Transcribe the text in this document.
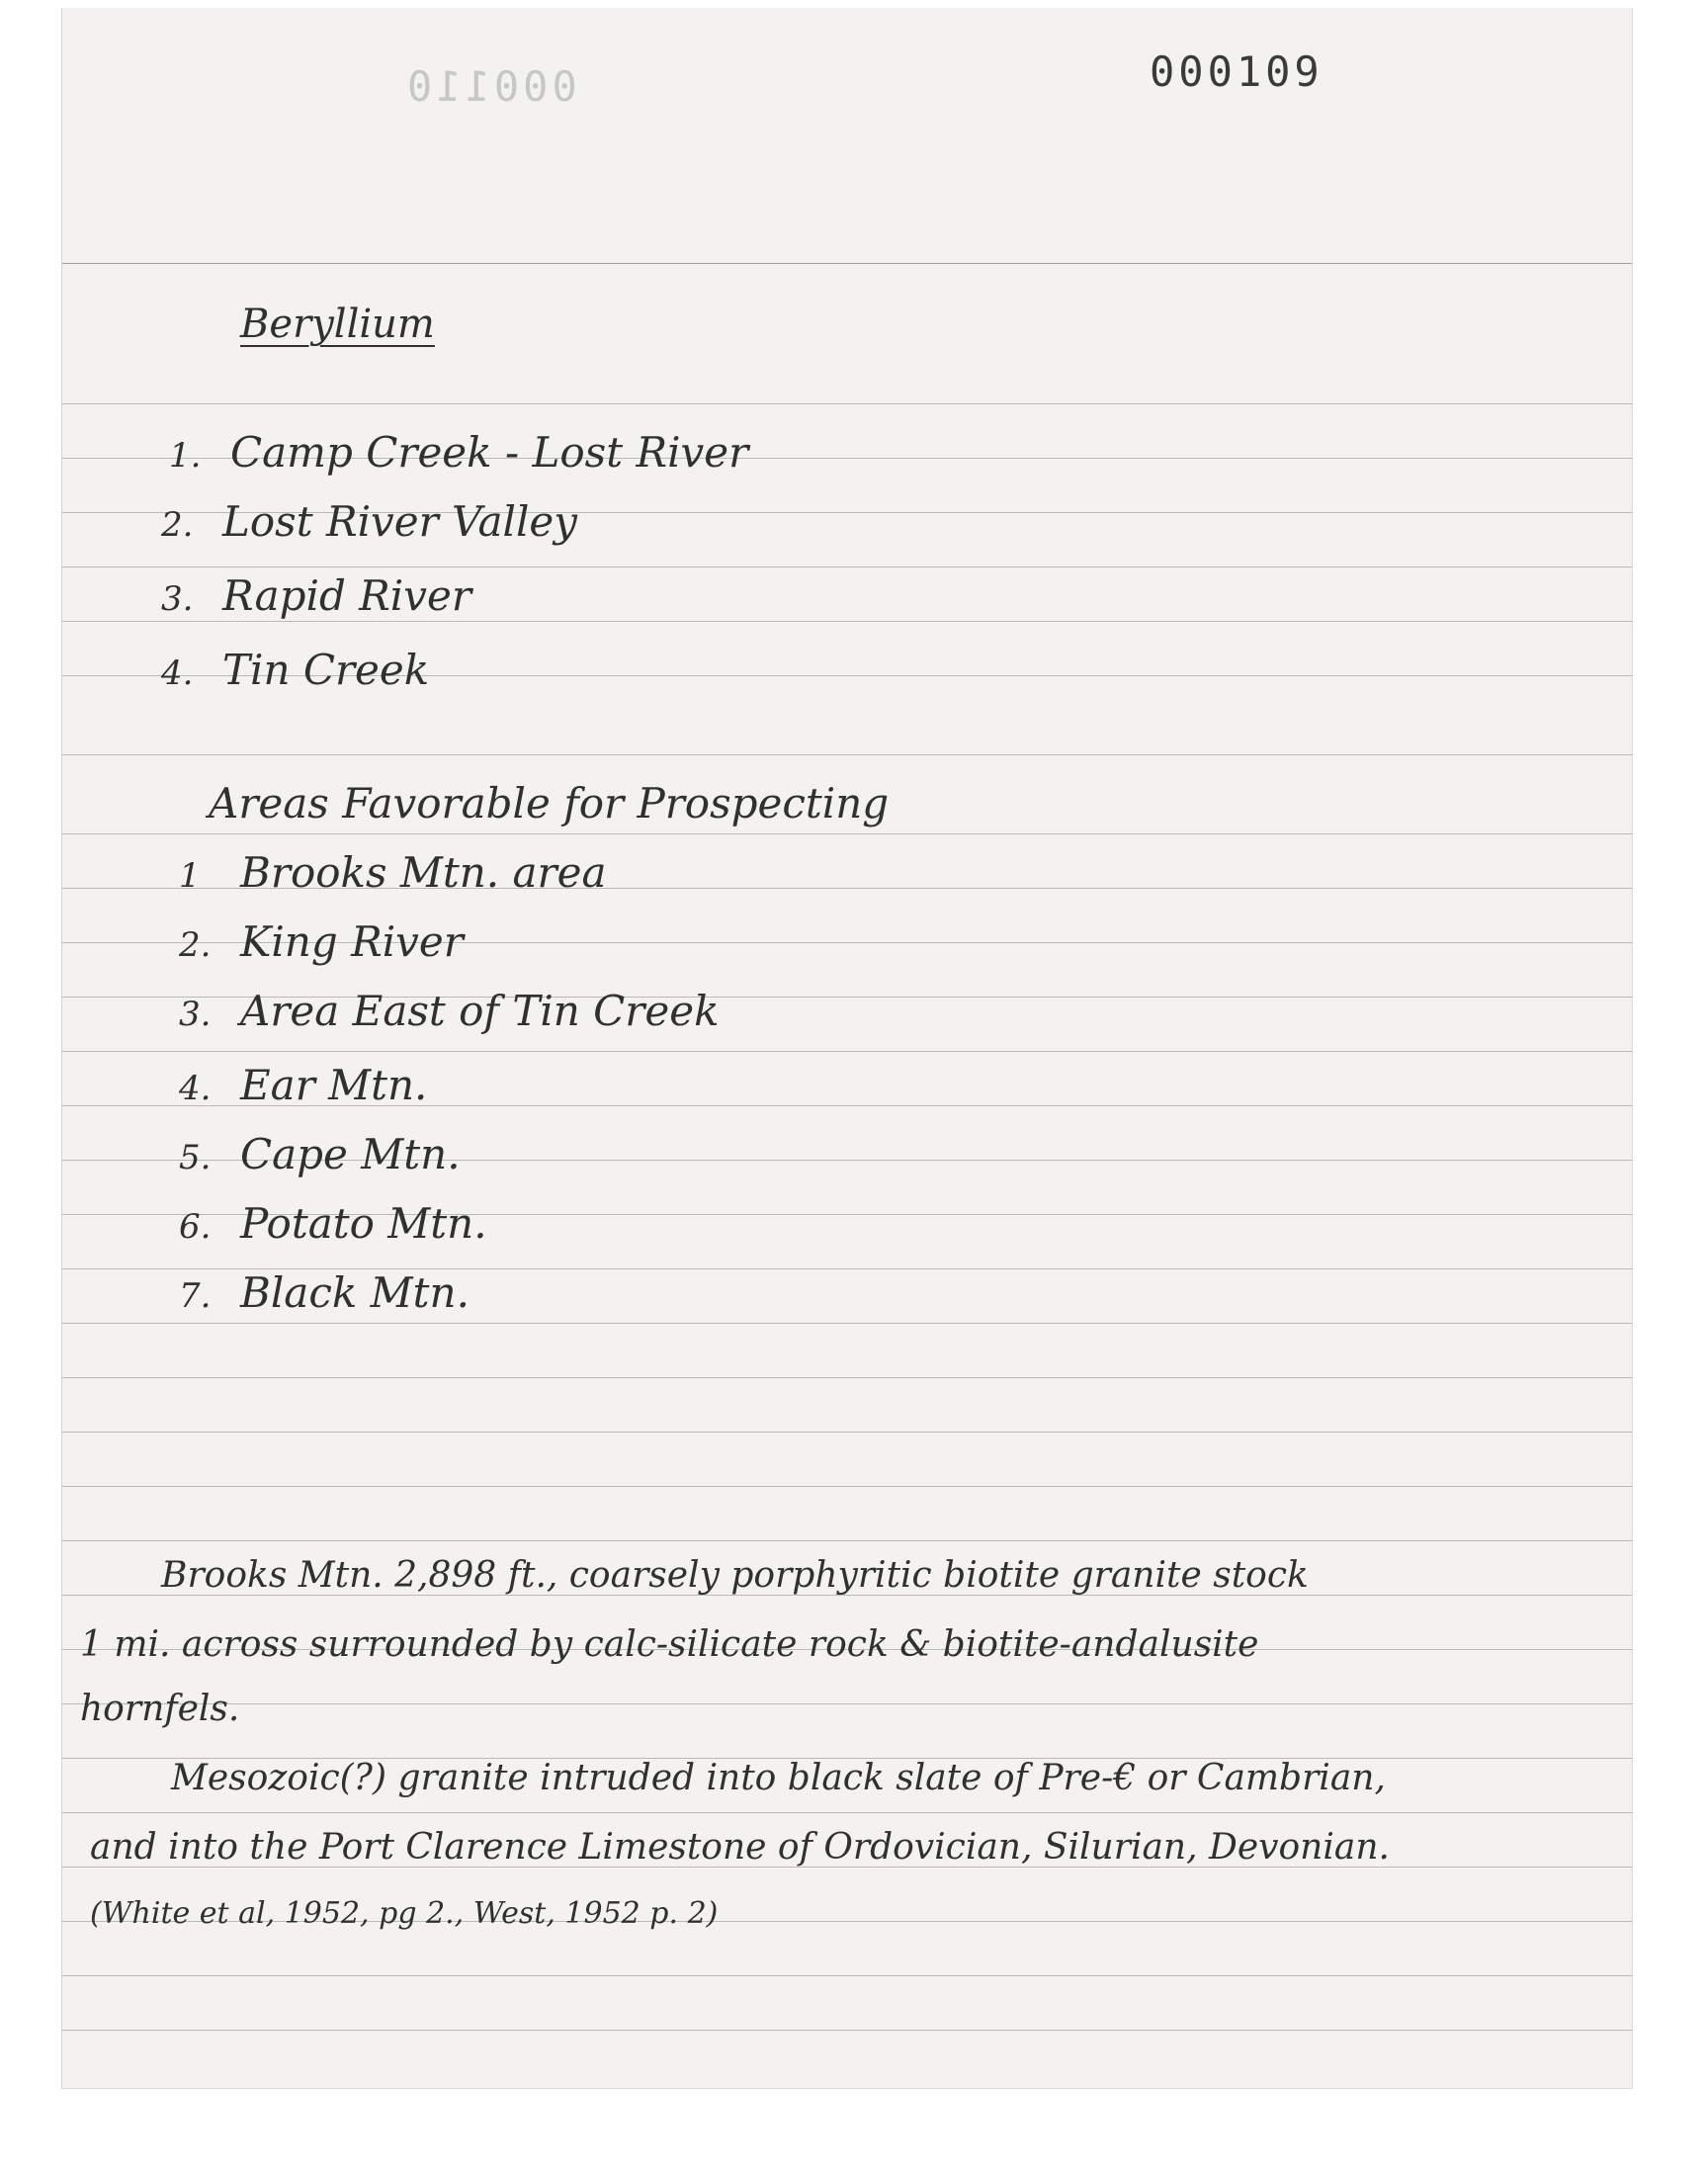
000110	000109
Beryllium
1. Camp Creek - Lost River
2. Lost River Valley
3. Rapid River
4. Tin Creek
Areas Favorable for Prospecting
1 Brooks Mtn. area
2. King River
3. Area East of Tin Creek
4. Ear Mtn.
5. Cape Mtn.
6. Potato Mtn.
7. Black Mtn.
Brooks Mtn. 2,898 ft., coarsely porphyritic biotite granite stock
1 mi. across surrounded by calc-silicate rock & biotite-andalusite
hornfels.
Mesozoic(?) granite intruded into black slate of Pre-€ or Cambrian,
and into the Port Clarence Limestone of Ordovician, Silurian, Devonian.
(White et al, 1952, pg 2., West, 1952 p. 2)
